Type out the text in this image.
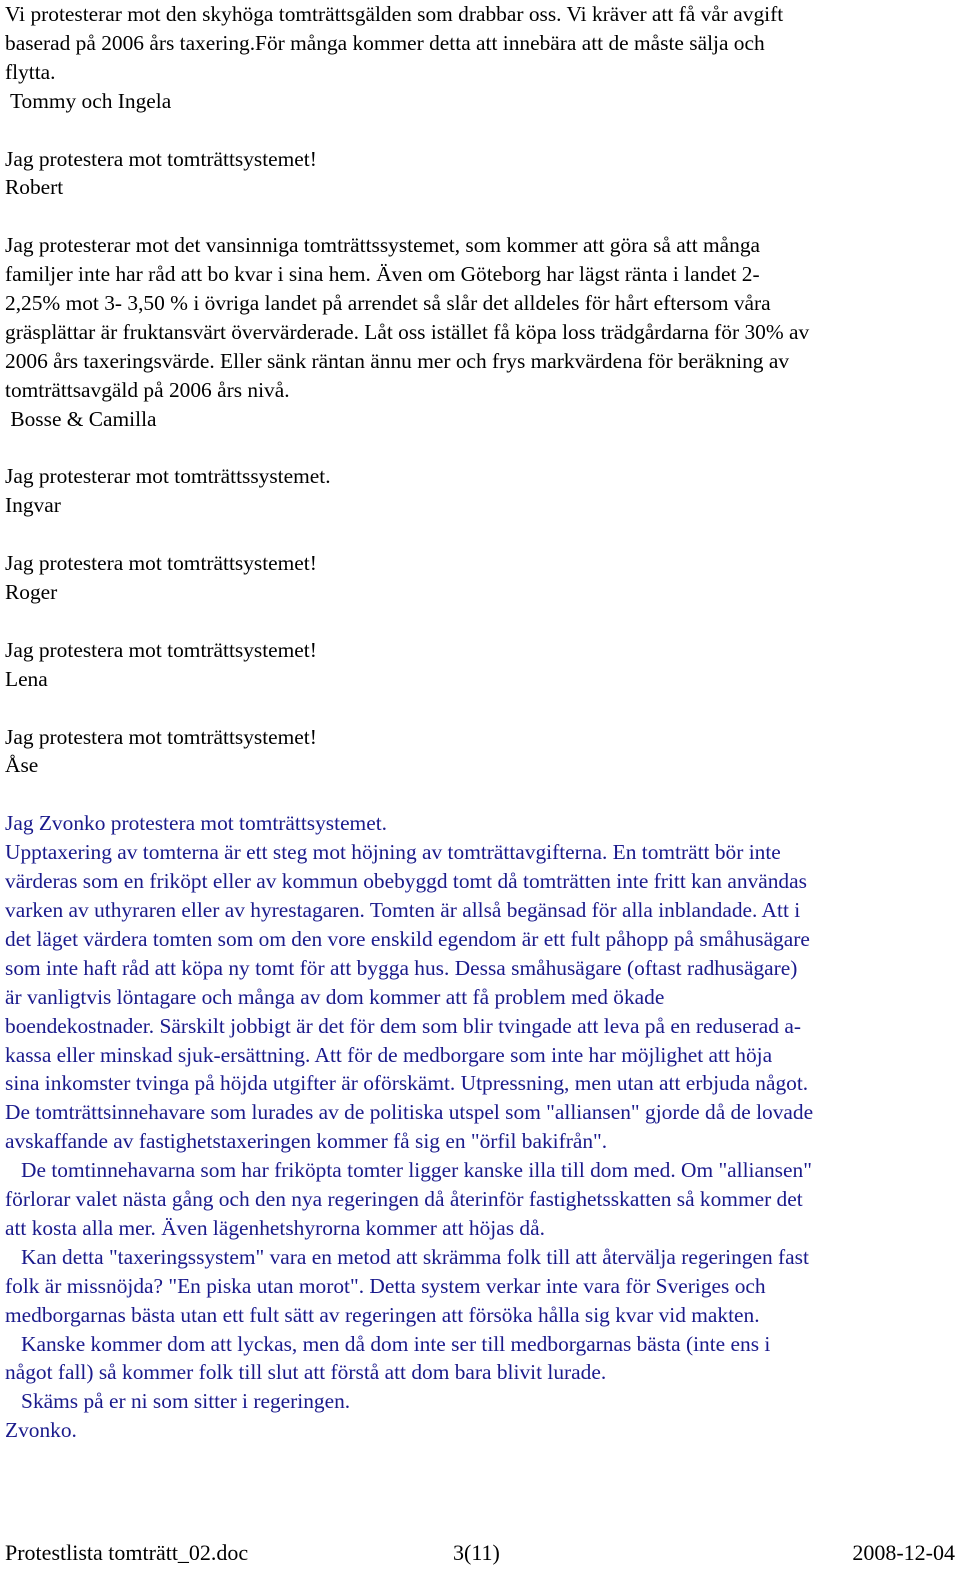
Vi protesterar mot den skyhöga tomträttsgälden som drabbar oss. Vi kräver att få vår avgift
baserad på 2006 års taxering.För många kommer detta att innebära att de måste sälja och
flytta.
Tommy och Ingela
Jag protestera mot tomträttsystemet!
Robert
Jag protesterar mot det vansinniga tomträttssystemet, som kommer att göra så att många
familjer inte har råd att bo kvar i sina hem. Även om Göteborg har lägst ränta i landet 2-
2,25% mot 3- 3,50 % i övriga landet på arrendet så slår det alldeles för hårt eftersom våra
gräsplättar är fruktansvärt övervärderade. Låt oss istället få köpa loss trädgårdarna för 30% av
2006 års taxeringsvärde. Eller sänk räntan ännu mer och frys markvärdena för beräkning av
tomträttsavgäld på 2006 års nivå.
Bosse & Camilla
Jag protesterar mot tomträttssystemet.
Ingvar
Jag protestera mot tomträttsystemet!
Roger
Jag protestera mot tomträttsystemet!
Lena
Jag protestera mot tomträttsystemet!
Åse
Jag Zvonko protestera mot tomträttsystemet.
Upptaxering av tomterna är ett steg mot höjning av tomträttavgifterna. En tomträtt bör inte
värderas som en friköpt eller av kommun obebyggd tomt då tomträtten inte fritt kan användas
varken av uthyraren eller av hyrestagaren. Tomten är allså begänsad för alla inblandade. Att i
det läget värdera tomten som om den vore enskild egendom är ett fult påhopp på småhusägare
som inte haft råd att köpa ny tomt för att bygga hus. Dessa småhusägare (oftast radhusägare)
är vanligtvis löntagare och många av dom kommer att få problem med ökade
boendekostnader. Särskilt jobbigt är det för dem som blir tvingade att leva på en reduserad a-
kassa eller minskad sjuk-ersättning. Att för de medborgare som inte har möjlighet att höja
sina inkomster tvinga på höjda utgifter är oförskämt. Utpressning, men utan att erbjuda något.
De tomträttsinnehavare som lurades av de politiska utspel som "alliansen" gjorde då de lovade
avskaffande av fastighetstaxeringen kommer få sig en "örfil bakifrån".
De tomtinnehavarna som har friköpta tomter ligger kanske illa till dom med. Om "alliansen"
förlorar valet nästa gång och den nya regeringen då återinför fastighetsskatten så kommer det
att kosta alla mer. Även lägenhetshyrorna kommer att höjas då.
Kan detta "taxeringssystem" vara en metod att skrämma folk till att återvälja regeringen fast
folk är missnöjda? "En piska utan morot". Detta system verkar inte vara för Sveriges och
medborgarnas bästa utan ett fult sätt av regeringen att försöka hålla sig kvar vid makten.
Kanske kommer dom att lyckas, men då dom inte ser till medborgarnas bästa (inte ens i
något fall) så kommer folk till slut att förstå att dom bara blivit lurade.
Skäms på er ni som sitter i regeringen.
Zvonko.
Protestlista tomträtt_02.doc	3(11)	2008-12-04
